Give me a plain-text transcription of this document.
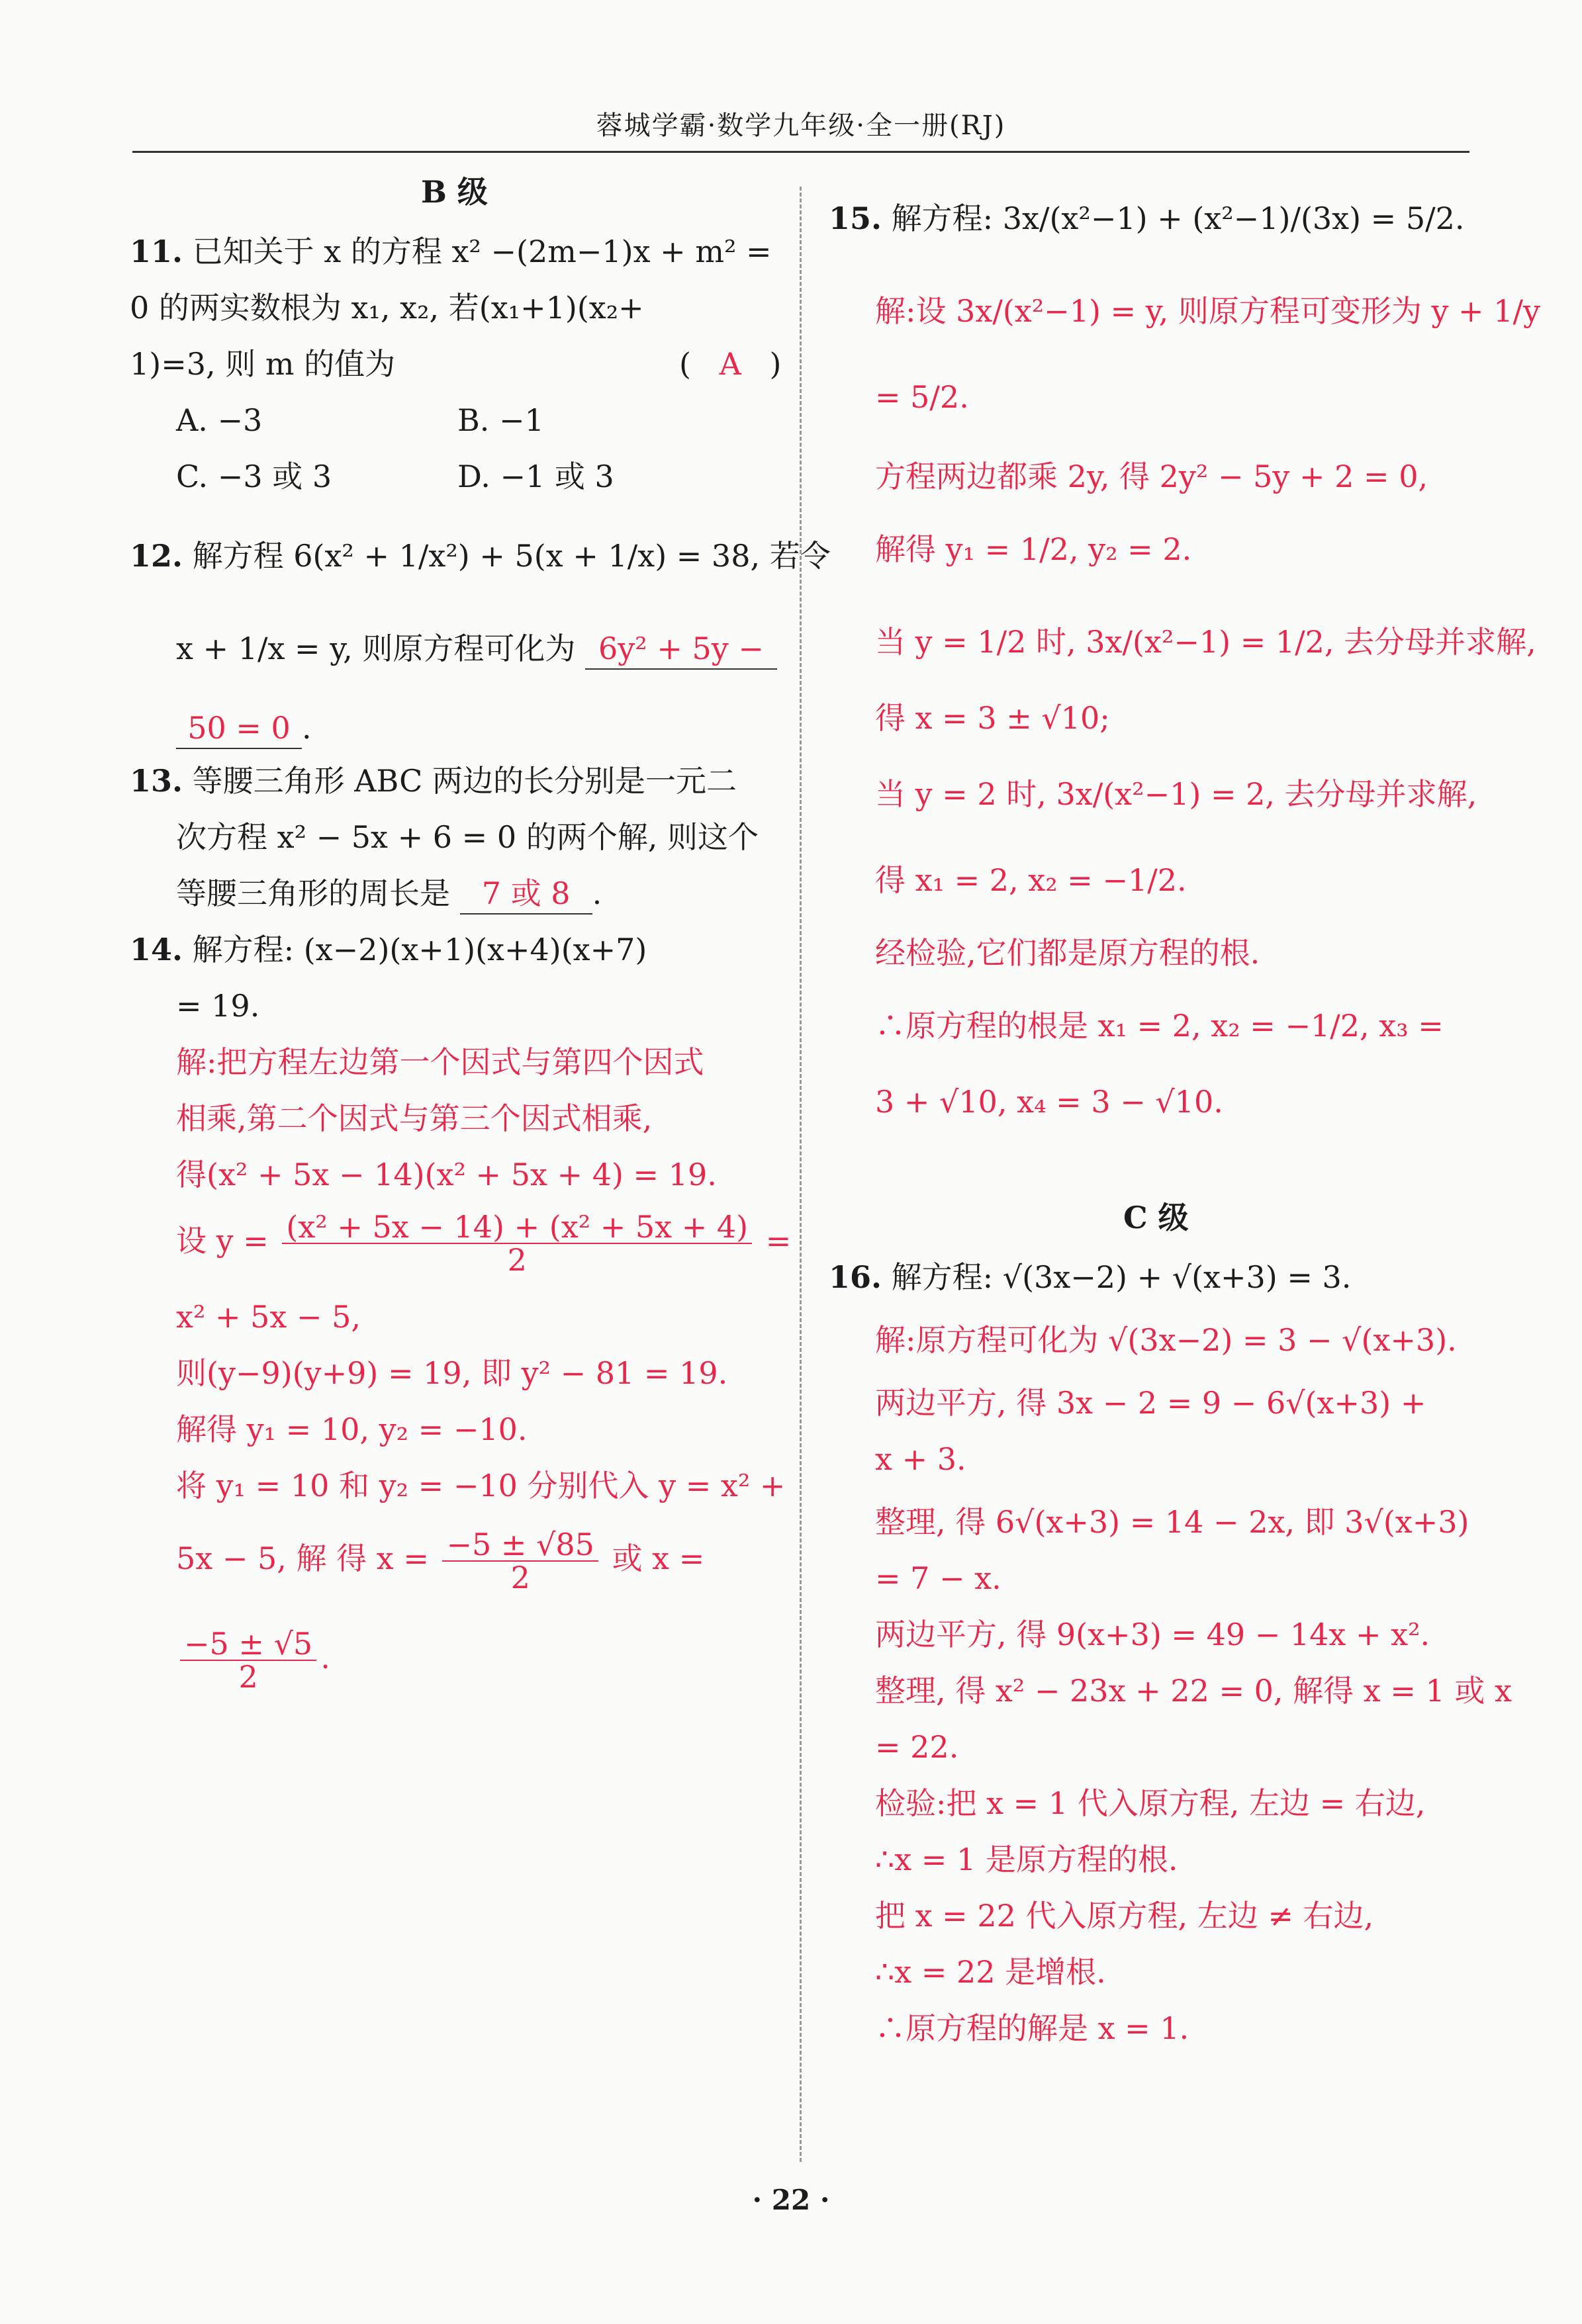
蓉城学霸·数学九年级·全一册(RJ)
B 级
11. 已知关于 x 的方程 x² −(2m−1)x + m² =
0 的两实数根为 x₁, x₂, 若(x₁+1)(x₂+
1)=3, 则 m 的值为	( A )
A. −3	B. −1
C. −3 或 3	D. −1 或 3
12. 解方程 6(x² + 1/x²) + 5(x + 1/x) = 38, 若令
x + 1/x = y, 则原方程可化为 6y² + 5y −
50 = 0 .
13. 等腰三角形 ABC 两边的长分别是一元二
次方程 x² − 5x + 6 = 0 的两个解, 则这个
等腰三角形的周长是 7 或 8 .
14. 解方程: (x−2)(x+1)(x+4)(x+7)
= 19.
解:把方程左边第一个因式与第四个因式
相乘,第二个因式与第三个因式相乘,
得(x² + 5x − 14)(x² + 5x + 4) = 19.
设 $y = \frac{\text{(x² + 5x − 14) + (x² + 5x + 4)}}{2}$ =
x² + 5x − 5,
则(y−9)(y+9) = 19, 即 y² − 81 = 19.
解得 y₁ = 10, y₂ = −10.
将 y₁ = 10 和 y₂ = −10 分别代入 y = x² +
5x − 5, 解 得 $x = \frac{-5 \pm √85}{2}$ 或 x =
$\frac{-5 \pm √5}{2}$ .
15. 解方程: 3x/(x²−1) + (x²−1)/(3x) = 5/2.
解:设 3x/(x²−1) = y, 则原方程可变形为 y + 1/y
= 5/2.
方程两边都乘 2y, 得 2y² − 5y + 2 = 0,
解得 y₁ = 1/2, y₂ = 2.
当 y = 1/2 时, 3x/(x²−1) = 1/2, 去分母并求解,
得 x = 3 ± √10;
当 y = 2 时, 3x/(x²−1) = 2, 去分母并求解,
得 x₁ = 2, x₂ = −1/2.
经检验,它们都是原方程的根.
∴原方程的根是 x₁ = 2, x₂ = −1/2, x₃ =
3 + √10, x₄ = 3 − √10.
C 级
16. 解方程: √(3x−2) + √(x+3) = 3.
解:原方程可化为 √(3x−2) = 3 − √(x+3).
两边平方, 得 3x − 2 = 9 − 6√(x+3) +
x + 3.
整理, 得 6√(x+3) = 14 − 2x, 即 3√(x+3)
= 7 − x.
两边平方, 得 9(x+3) = 49 − 14x + x².
整理, 得 x² − 23x + 22 = 0, 解得 x = 1 或 x
= 22.
检验:把 x = 1 代入原方程, 左边 = 右边,
∴x = 1 是原方程的根.
把 x = 22 代入原方程, 左边 ≠ 右边,
∴x = 22 是增根.
∴原方程的解是 x = 1.
· 22 ·
